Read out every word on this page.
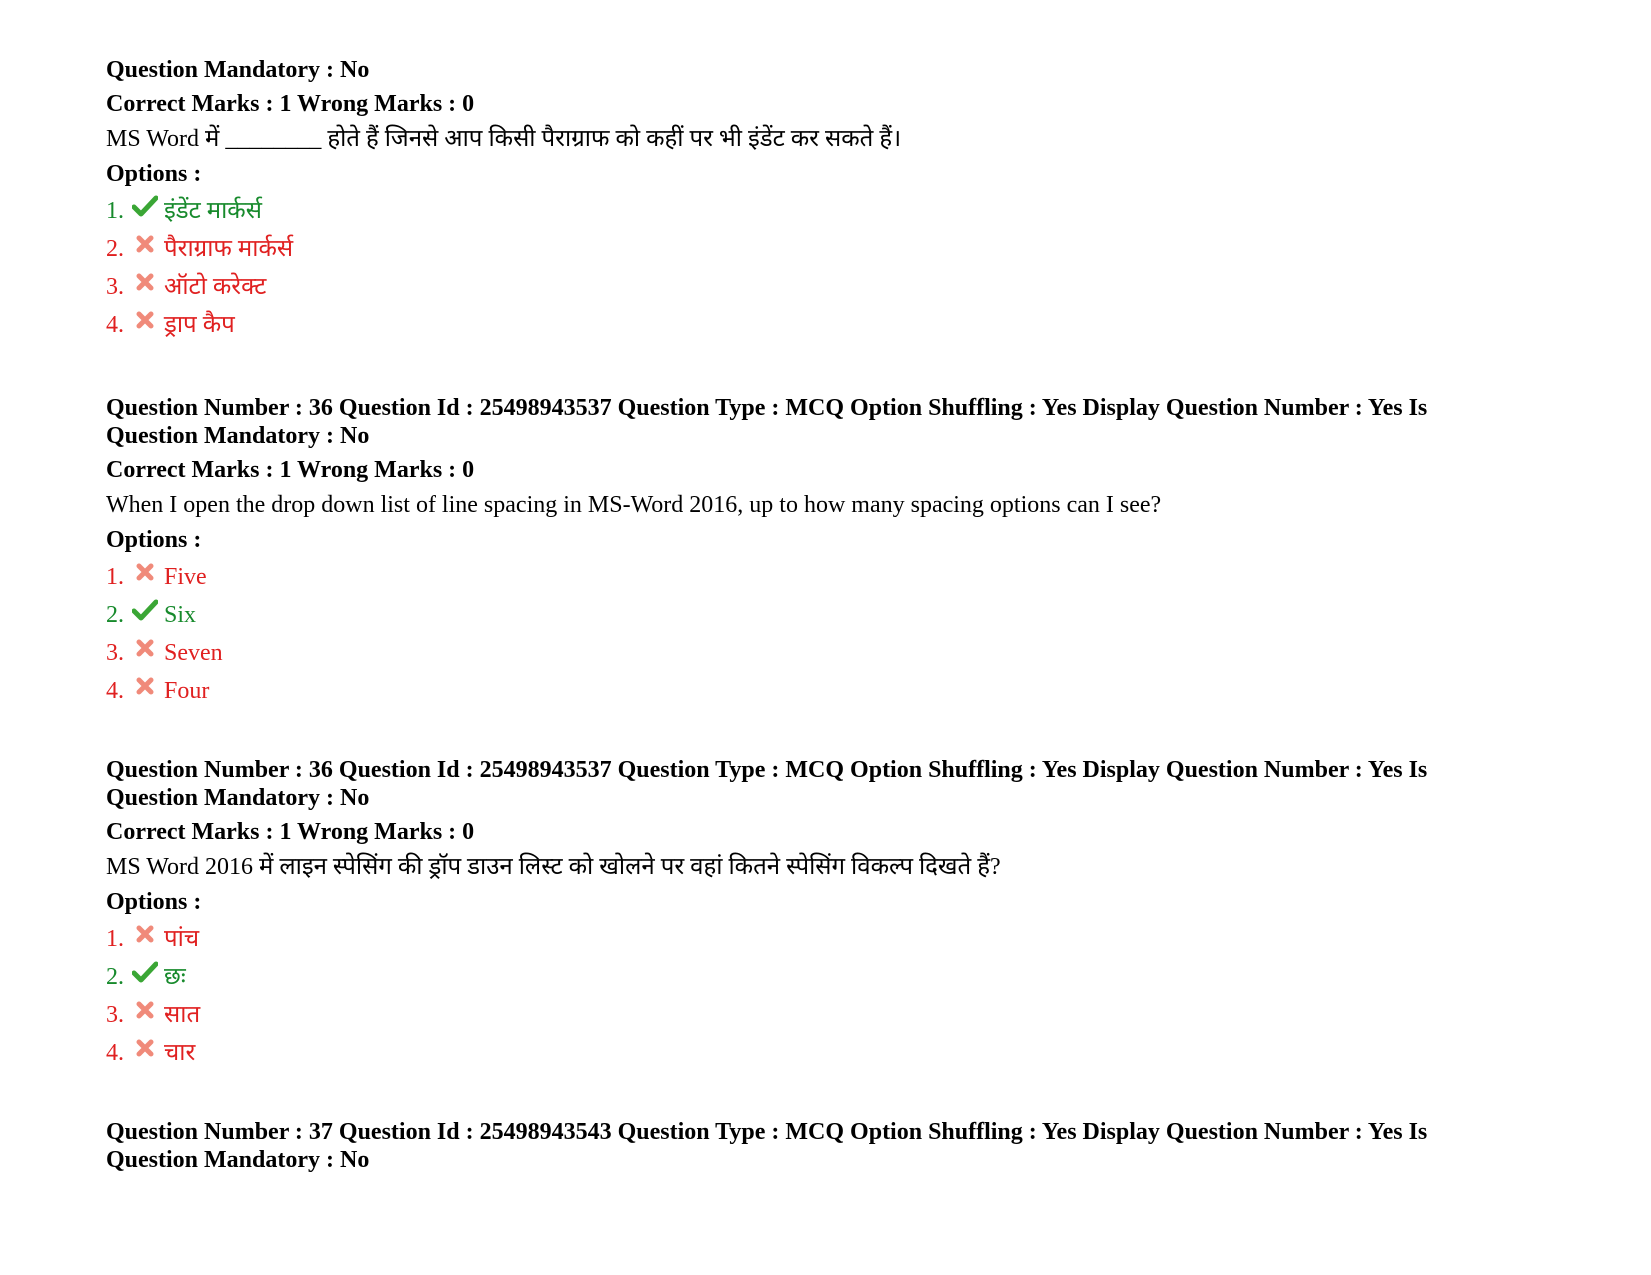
Question Mandatory : No

Correct Marks : 1 Wrong Marks : 0

MS Word में ________ होते हैं जिनसे आप किसी पैराग्राफ को कहीं पर भी इंडेंट कर सकते हैं।

Options :

1.	इंडेंट मार्कर्स
2.	पैराग्राफ मार्कर्स
3.	ऑटो करेक्ट
4.	ड्राप कैप

Question Number : 36 Question Id : 25498943537 Question Type : MCQ Option Shuffling : Yes Display Question Number : Yes Is

Question Mandatory : No

Correct Marks : 1 Wrong Marks : 0

When I open the drop down list of line spacing in MS-Word 2016, up to how many spacing options can I see?

Options :

1.	Five
2.	Six
3.	Seven
4.	Four

Question Number : 36 Question Id : 25498943537 Question Type : MCQ Option Shuffling : Yes Display Question Number : Yes Is

Question Mandatory : No

Correct Marks : 1 Wrong Marks : 0

MS Word 2016 में लाइन स्पेसिंग की ड्रॉप डाउन लिस्ट को खोलने पर वहां कितने स्पेसिंग विकल्प दिखते हैं?

Options :

1.	पांच
2.	छः
3.	सात
4.	चार

Question Number : 37 Question Id : 25498943543 Question Type : MCQ Option Shuffling : Yes Display Question Number : Yes Is

Question Mandatory : No
